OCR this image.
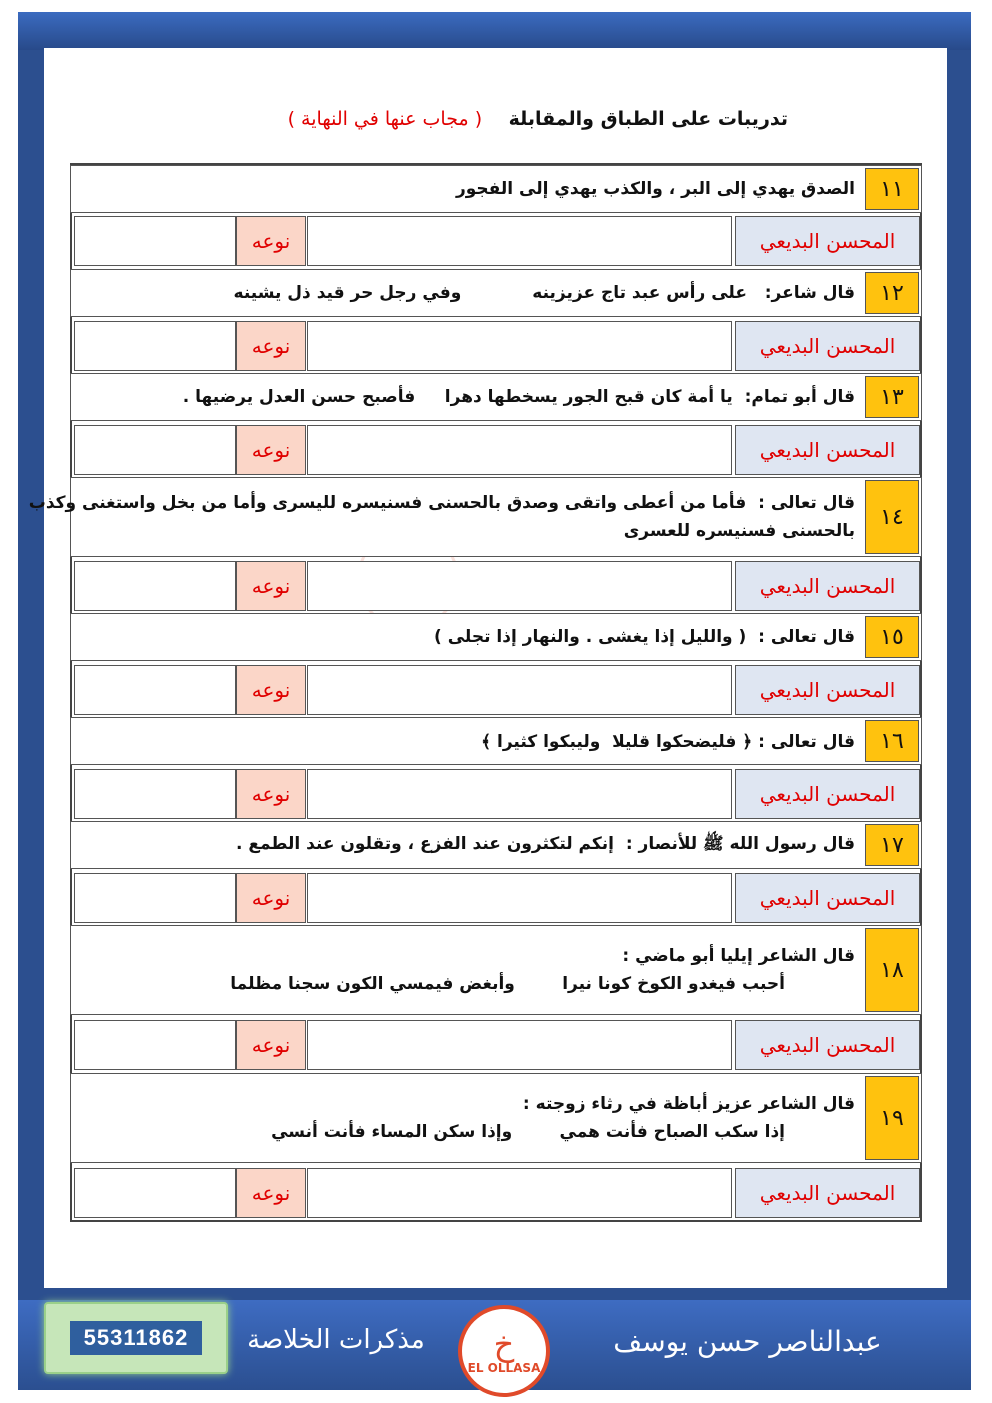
تدريبات على الطباق والمقابلة    ( مجاب عنها في النهاية )
١١
الصدق يهدي إلى البر ، والكذب يهدي إلى الفجور
المحسن البديعي
نوعه
١٢
قال شاعر:   على رأس عبد تاج عزيزينه            وفي رجل حر قيد ذل يشينه
المحسن البديعي
نوعه
١٣
قال أبو تمام:  يا أمة كان قبح الجور يسخطها دهرا     فأصبح حسن العدل يرضيها .
المحسن البديعي
نوعه
١٤
قال تعالى :  فأما من أعطى واتقى وصدق بالحسنى فسنيسره لليسرى وأما من بخل واستغنى وكذب
بالحسنى فسنيسره للعسرى
المحسن البديعي
نوعه
١٥
قال تعالى :  ( والليل إذا يغشى . والنهار إذا تجلى )
المحسن البديعي
نوعه
١٦
قال تعالى : ﴿ فليضحكوا قليلا  وليبكوا كثيرا ﴾
المحسن البديعي
نوعه
١٧
قال رسول الله ﷺ للأنصار :  إنكم لتكثرون عند الفزع ، وتقلون عند الطمع .
المحسن البديعي
نوعه
١٨
قال الشاعر إيليا أبو ماضي :
أحبب فيغدو الكوخ كونا نيرا        وأبغض فيمسي الكون سجنا مظلما
المحسن البديعي
نوعه
١٩
قال الشاعر عزيز أباظة في رثاء زوجته :
إذا سكب الصباح فأنت همي        وإذا سكن المساء فأنت أنسي
المحسن البديعي
نوعه
55311862	مذكرات الخلاصة	خ
EL OLLASA
عبدالناصر حسن يوسف
